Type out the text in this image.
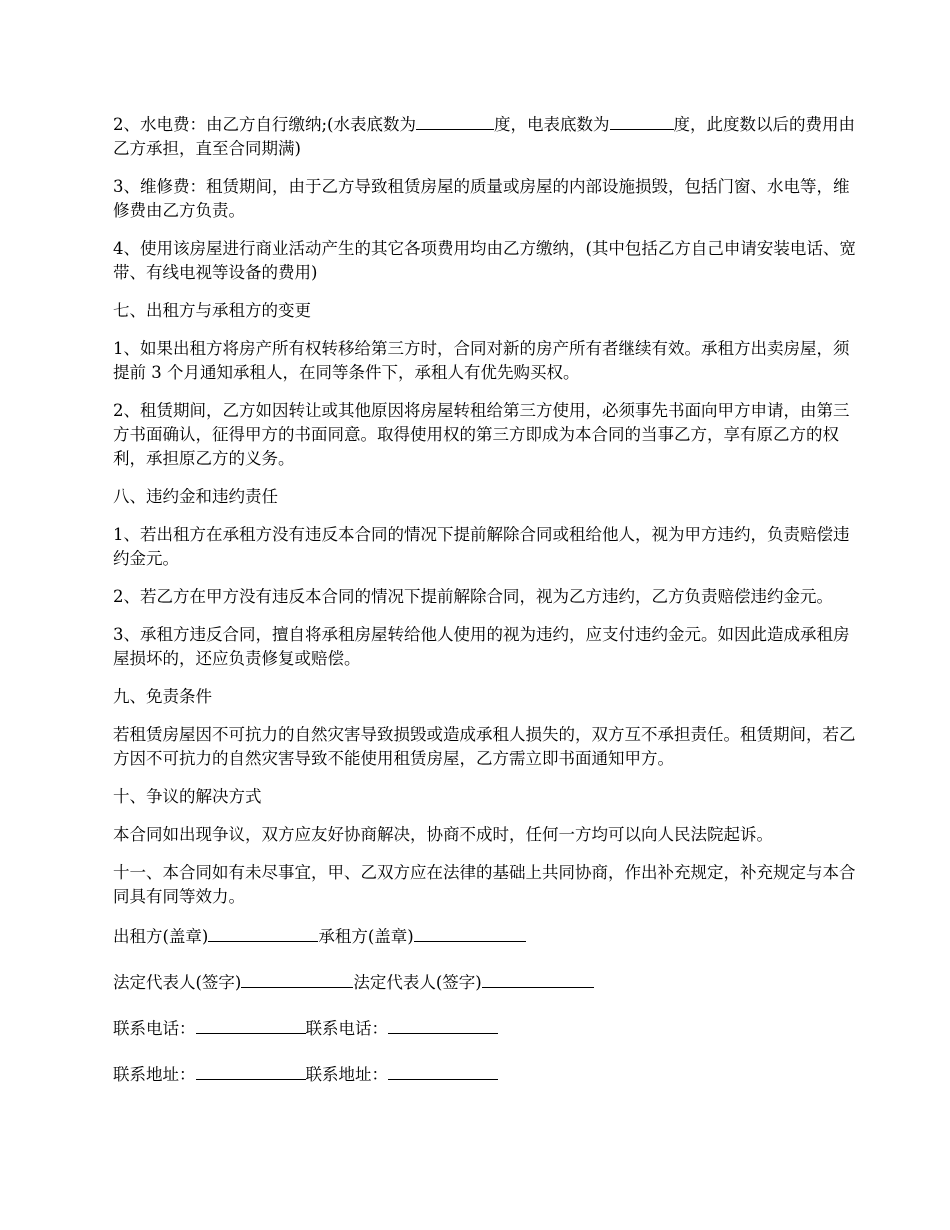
2、水电费：由乙方自行缴纳;(水表底数为	度，电表底数为	度，此度数以后的费用由乙方承担，直至合同期满)

3、维修费：租赁期间，由于乙方导致租赁房屋的质量或房屋的内部设施损毁，包括门窗、水电等，维修费由乙方负责。

4、使用该房屋进行商业活动产生的其它各项费用均由乙方缴纳，(其中包括乙方自己申请安装电话、宽带、有线电视等设备的费用)

七、出租方与承租方的变更

1、如果出租方将房产所有权转移给第三方时，合同对新的房产所有者继续有效。承租方出卖房屋，须提前 3 个月通知承租人，在同等条件下，承租人有优先购买权。

2、租赁期间，乙方如因转让或其他原因将房屋转租给第三方使用，必须事先书面向甲方申请，由第三方书面确认，征得甲方的书面同意。取得使用权的第三方即成为本合同的当事乙方，享有原乙方的权利，承担原乙方的义务。

八、违约金和违约责任

1、若出租方在承租方没有违反本合同的情况下提前解除合同或租给他人，视为甲方违约，负责赔偿违约金元。

2、若乙方在甲方没有违反本合同的情况下提前解除合同，视为乙方违约，乙方负责赔偿违约金元。

3、承租方违反合同，擅自将承租房屋转给他人使用的视为违约，应支付违约金元。如因此造成承租房屋损坏的，还应负责修复或赔偿。

九、免责条件

若租赁房屋因不可抗力的自然灾害导致损毁或造成承租人损失的，双方互不承担责任。租赁期间，若乙方因不可抗力的自然灾害导致不能使用租赁房屋，乙方需立即书面通知甲方。

十、争议的解决方式

本合同如出现争议，双方应友好协商解决，协商不成时，任何一方均可以向人民法院起诉。

十一、本合同如有未尽事宜，甲、乙双方应在法律的基础上共同协商，作出补充规定，补充规定与本合同具有同等效力。

出租方(盖章)	承租方(盖章)

法定代表人(签字)	法定代表人(签字)

联系电话：	联系电话：

联系地址：	联系地址：
